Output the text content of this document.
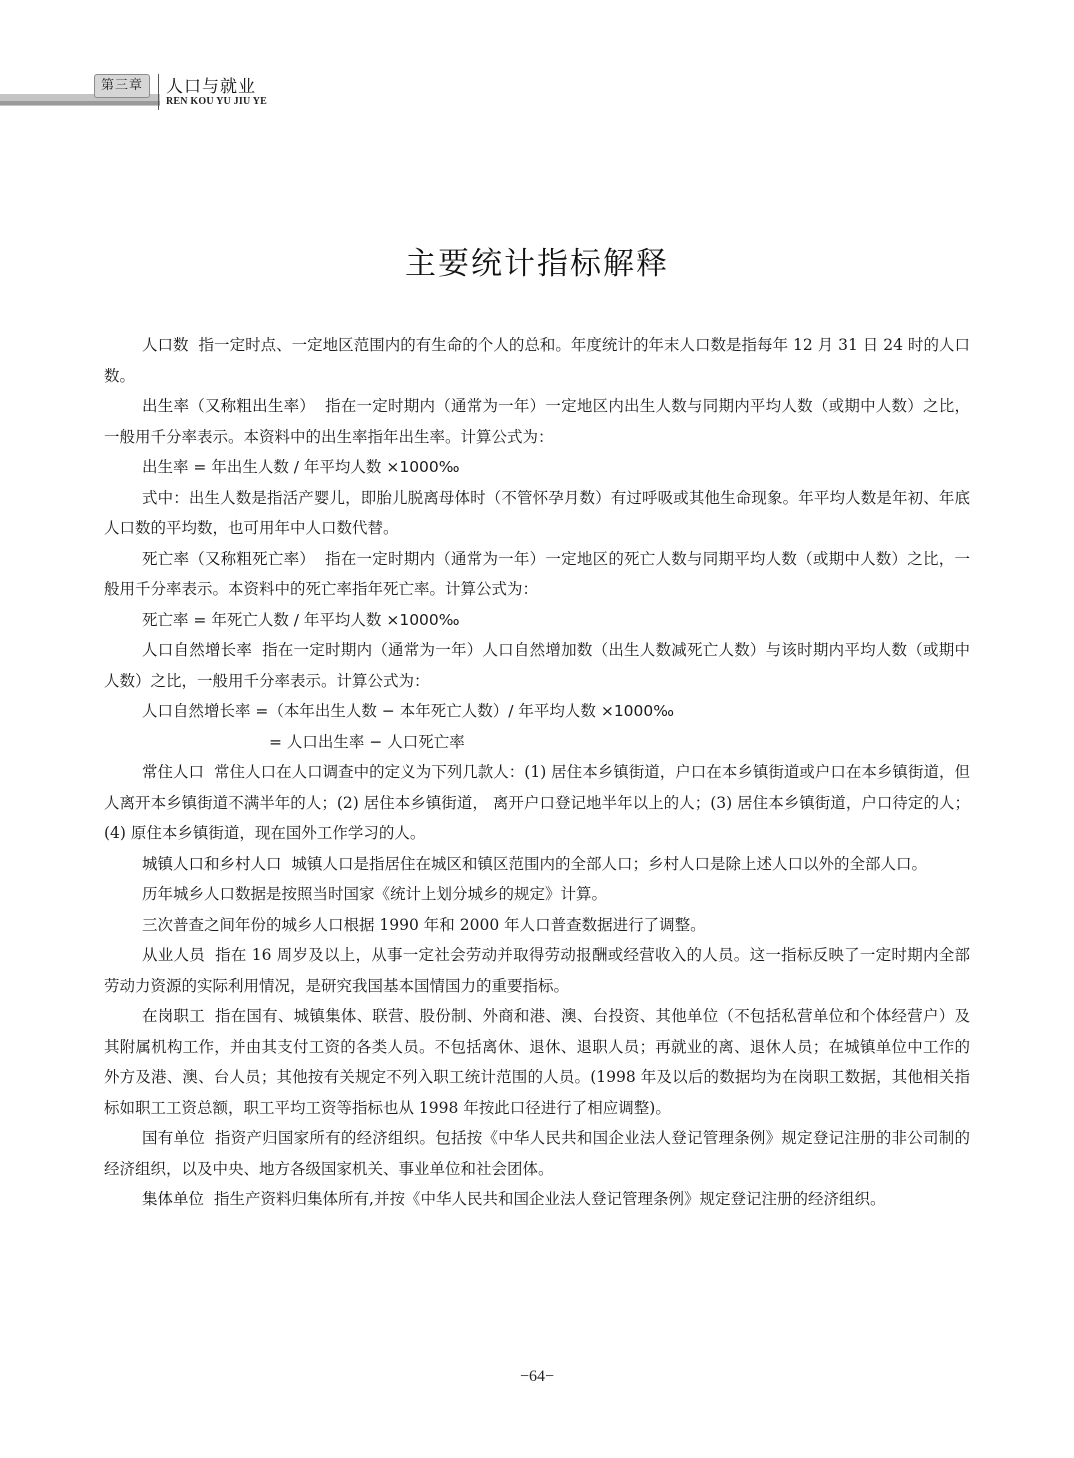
第三章	人口与就业
REN KOU YU JIU YE
主要统计指标解释

人口数 指一定时点、一定地区范围内的有生命的个人的总和。年度统计的年末人口数是指每年 12 月 31 日 24 时的人口数。

出生率（又称粗出生率） 指在一定时期内（通常为一年）一定地区内出生人数与同期内平均人数（或期中人数）之比，一般用千分率表示。本资料中的出生率指年出生率。计算公式为：

出生率 = 年出生人数 / 年平均人数 ×1000‰

式中：出生人数是指活产婴儿，即胎儿脱离母体时（不管怀孕月数）有过呼吸或其他生命现象。年平均人数是年初、年底人口数的平均数，也可用年中人口数代替。

死亡率（又称粗死亡率） 指在一定时期内（通常为一年）一定地区的死亡人数与同期平均人数（或期中人数）之比，一般用千分率表示。本资料中的死亡率指年死亡率。计算公式为：

死亡率 = 年死亡人数 / 年平均人数 ×1000‰

人口自然增长率 指在一定时期内（通常为一年）人口自然增加数（出生人数减死亡人数）与该时期内平均人数（或期中人数）之比，一般用千分率表示。计算公式为：

人口自然增长率 =（本年出生人数 − 本年死亡人数）/ 年平均人数 ×1000‰

= 人口出生率 − 人口死亡率

常住人口 常住人口在人口调查中的定义为下列几款人：(1) 居住本乡镇街道，户口在本乡镇街道或户口在本乡镇街道，但人离开本乡镇街道不满半年的人；(2) 居住本乡镇街道， 离开户口登记地半年以上的人；(3) 居住本乡镇街道，户口待定的人；(4) 原住本乡镇街道，现在国外工作学习的人。

城镇人口和乡村人口 城镇人口是指居住在城区和镇区范围内的全部人口；乡村人口是除上述人口以外的全部人口。

历年城乡人口数据是按照当时国家《统计上划分城乡的规定》计算。

三次普查之间年份的城乡人口根据 1990 年和 2000 年人口普查数据进行了调整。

从业人员 指在 16 周岁及以上，从事一定社会劳动并取得劳动报酬或经营收入的人员。这一指标反映了一定时期内全部劳动力资源的实际利用情况，是研究我国基本国情国力的重要指标。

在岗职工 指在国有、城镇集体、联营、股份制、外商和港、澳、台投资、其他单位（不包括私营单位和个体经营户）及其附属机构工作，并由其支付工资的各类人员。不包括离休、退休、退职人员；再就业的离、退休人员；在城镇单位中工作的外方及港、澳、台人员；其他按有关规定不列入职工统计范围的人员。(1998 年及以后的数据均为在岗职工数据，其他相关指标如职工工资总额，职工平均工资等指标也从 1998 年按此口径进行了相应调整)。

国有单位 指资产归国家所有的经济组织。包括按《中华人民共和国企业法人登记管理条例》规定登记注册的非公司制的经济组织，以及中央、地方各级国家机关、事业单位和社会团体。

集体单位 指生产资料归集体所有,并按《中华人民共和国企业法人登记管理条例》规定登记注册的经济组织。

−64−
